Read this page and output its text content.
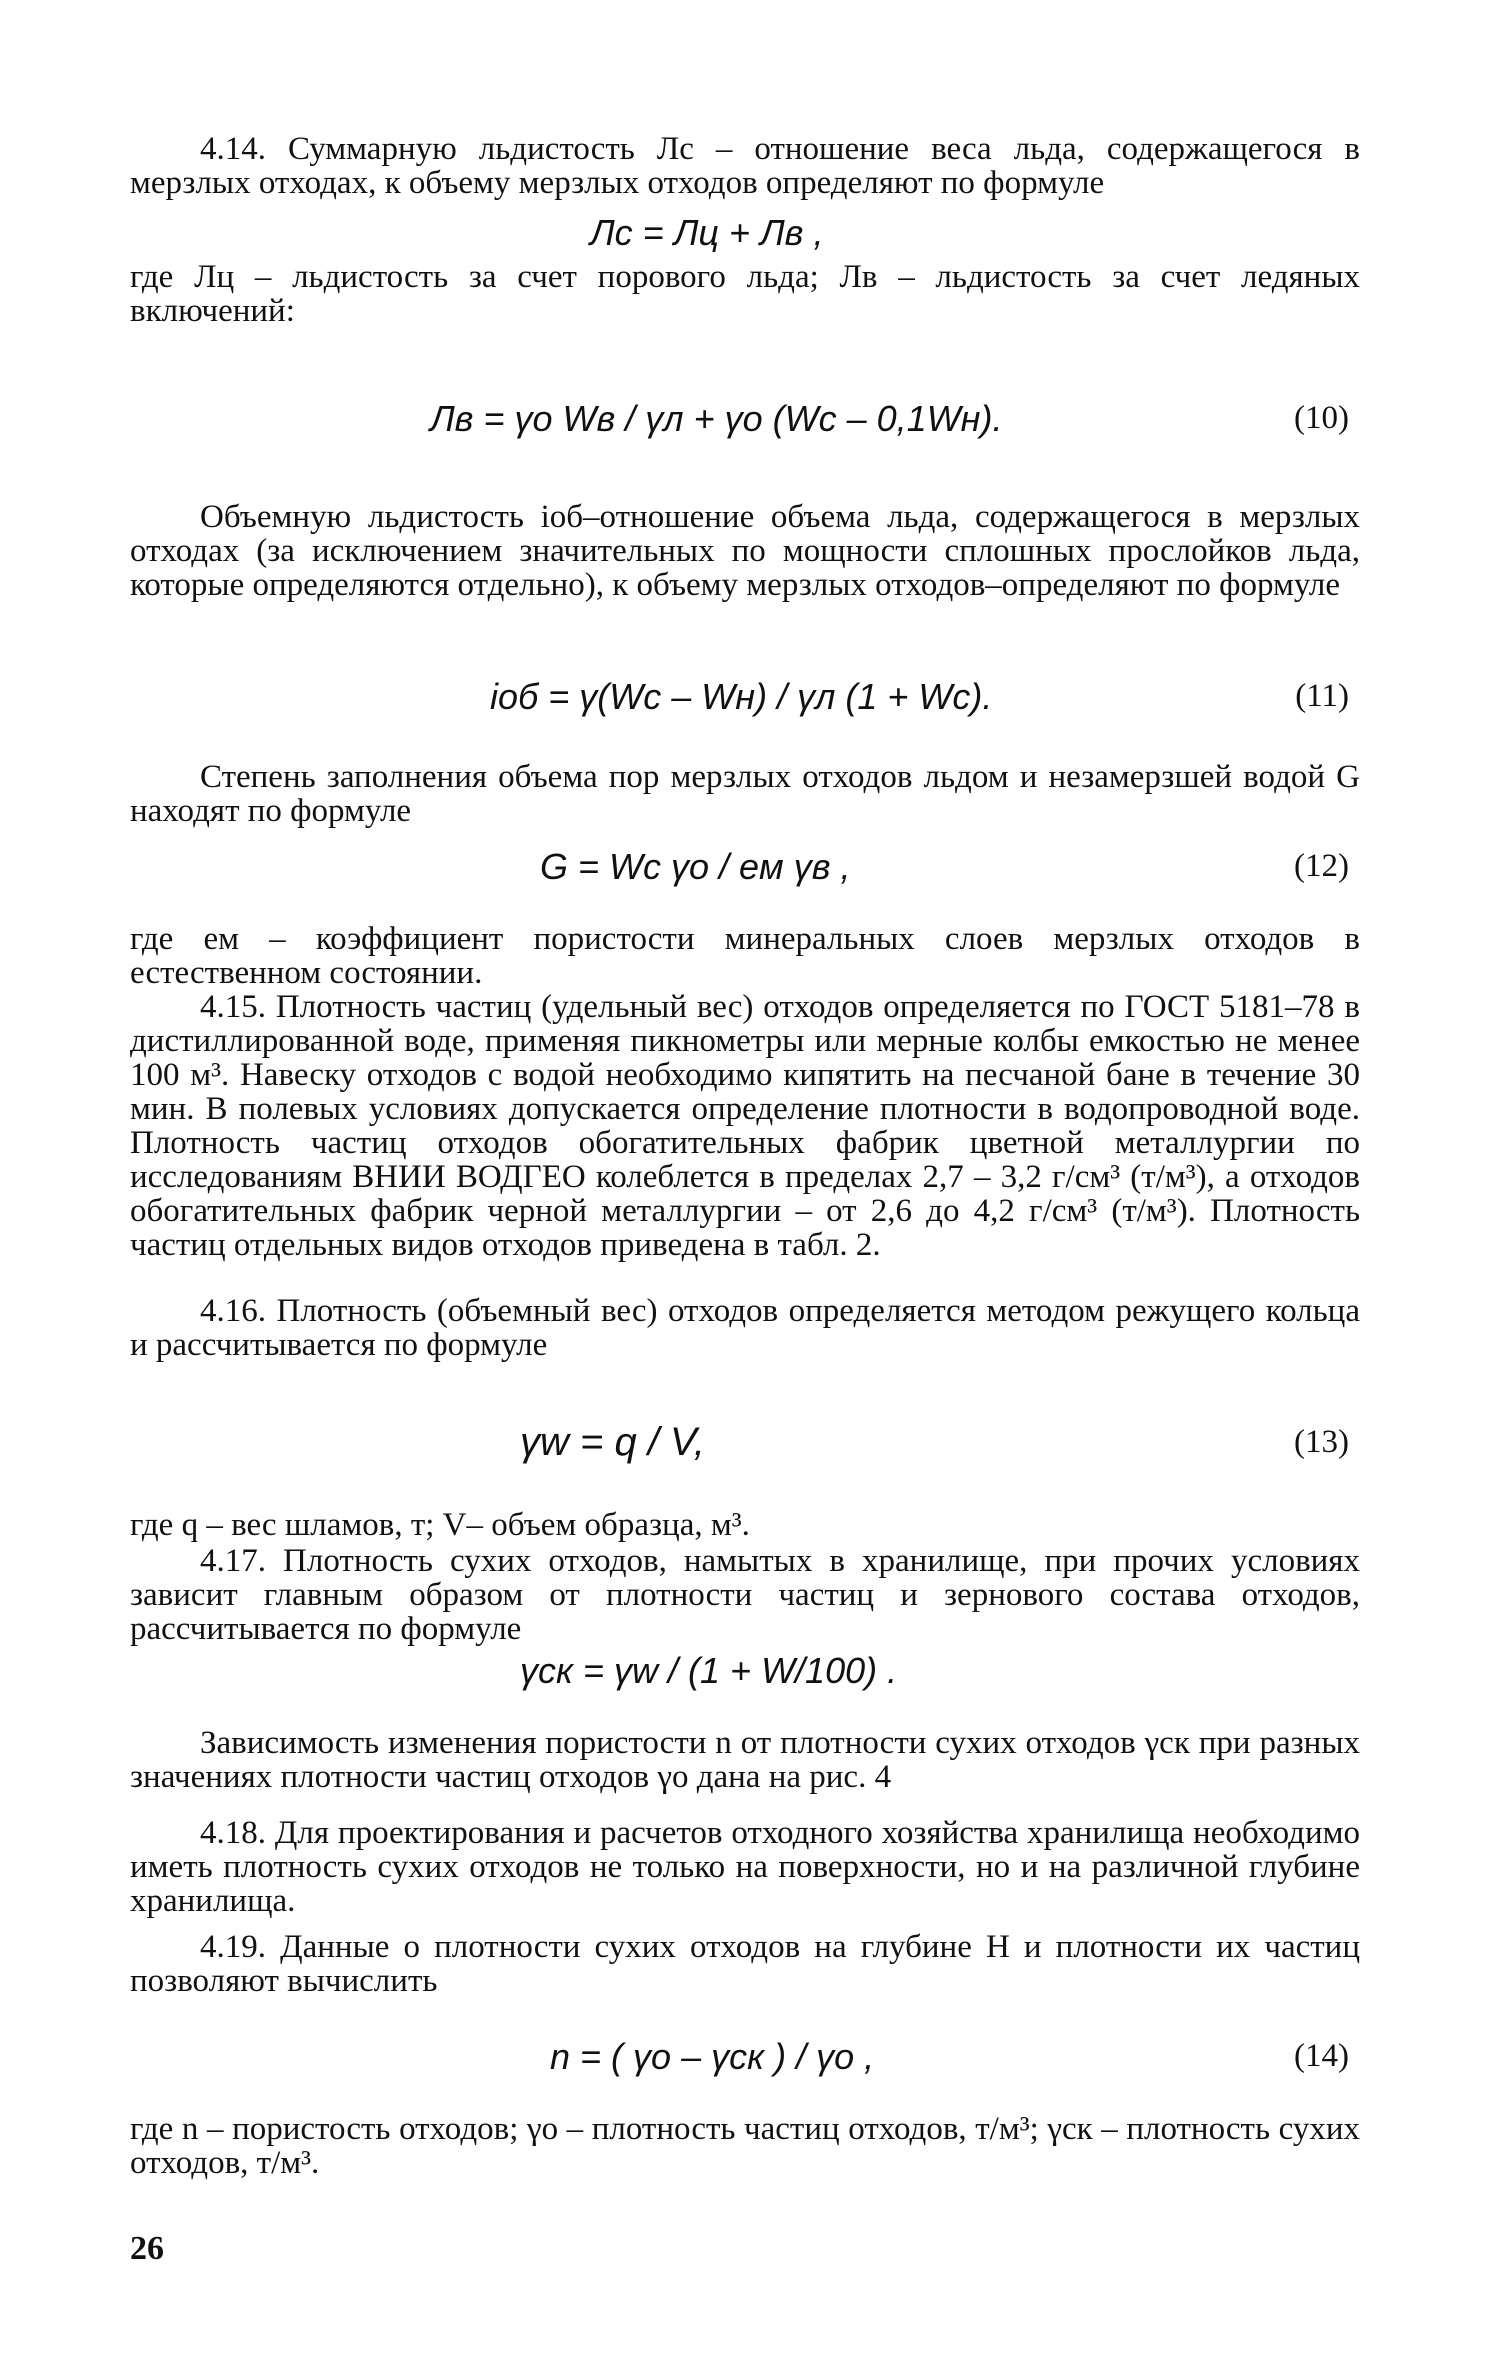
4.14. Суммарную льдистость Лс – отношение веса льда, содержащегося в мерзлых отходах, к объему мерзлых отходов определяют по формуле

Лс = Лц + Лв ,

где Лц – льдистость за счет порового льда; Лв – льдистость за счет ледяных включений:

Лв = γо Wв / γл + γо (Wс – 0,1Wн).	(10)

Объемную льдистость iоб–отношение объема льда, содержащегося в мерзлых отходах (за исключением значительных по мощности сплошных прослойков льда, которые определяются отдельно), к объему мерзлых отходов–определяют по формуле

iоб = γ(Wс – Wн) / γл (1 + Wс).	(11)

Степень заполнения объема пор мерзлых отходов льдом и незамерзшей водой G находят по формуле

G = Wс γо / eм γв ,	(12)

где eм – коэффициент пористости минеральных слоев мерзлых отходов в естественном состоянии.

4.15. Плотность частиц (удельный вес) отходов определяется по ГОСТ 5181–78 в дистиллированной воде, применяя пикнометры или мерные колбы емкостью не менее 100 м³. Навеску отходов с водой необходимо кипятить на песчаной бане в течение 30 мин. В полевых условиях допускается определение плотности в водопроводной воде. Плотность частиц отходов обогатительных фабрик цветной металлургии по исследованиям ВНИИ ВОДГЕО колеблется в пределах 2,7 – 3,2 г/см³ (т/м³), а отходов обогатительных фабрик черной металлургии – от 2,6 до 4,2 г/см³ (т/м³). Плотность частиц отдельных видов отходов приведена в табл. 2.

4.16. Плотность (объемный вес) отходов определяется методом режущего кольца и рассчитывается по формуле

γw = q / V,	(13)

где q – вес шламов, т; V– объем образца, м³.

4.17. Плотность сухих отходов, намытых в хранилище, при прочих условиях зависит главным образом от плотности частиц и зернового состава отходов, рассчитывается по формуле

γск = γw / (1 + W/100) .

Зависимость изменения пористости n от плотности сухих отходов γск при разных значениях плотности частиц отходов γо дана на рис. 4

4.18. Для проектирования и расчетов отходного хозяйства хранилища необходимо иметь плотность сухих отходов не только на поверхности, но и на различной глубине хранилища.

4.19. Данные о плотности сухих отходов на глубине H и плотности их частиц позволяют вычислить

n = ( γо – γск ) / γо ,	(14)

где n – пористость отходов; γо – плотность частиц отходов, т/м³; γск – плотность сухих отходов, т/м³.

26
